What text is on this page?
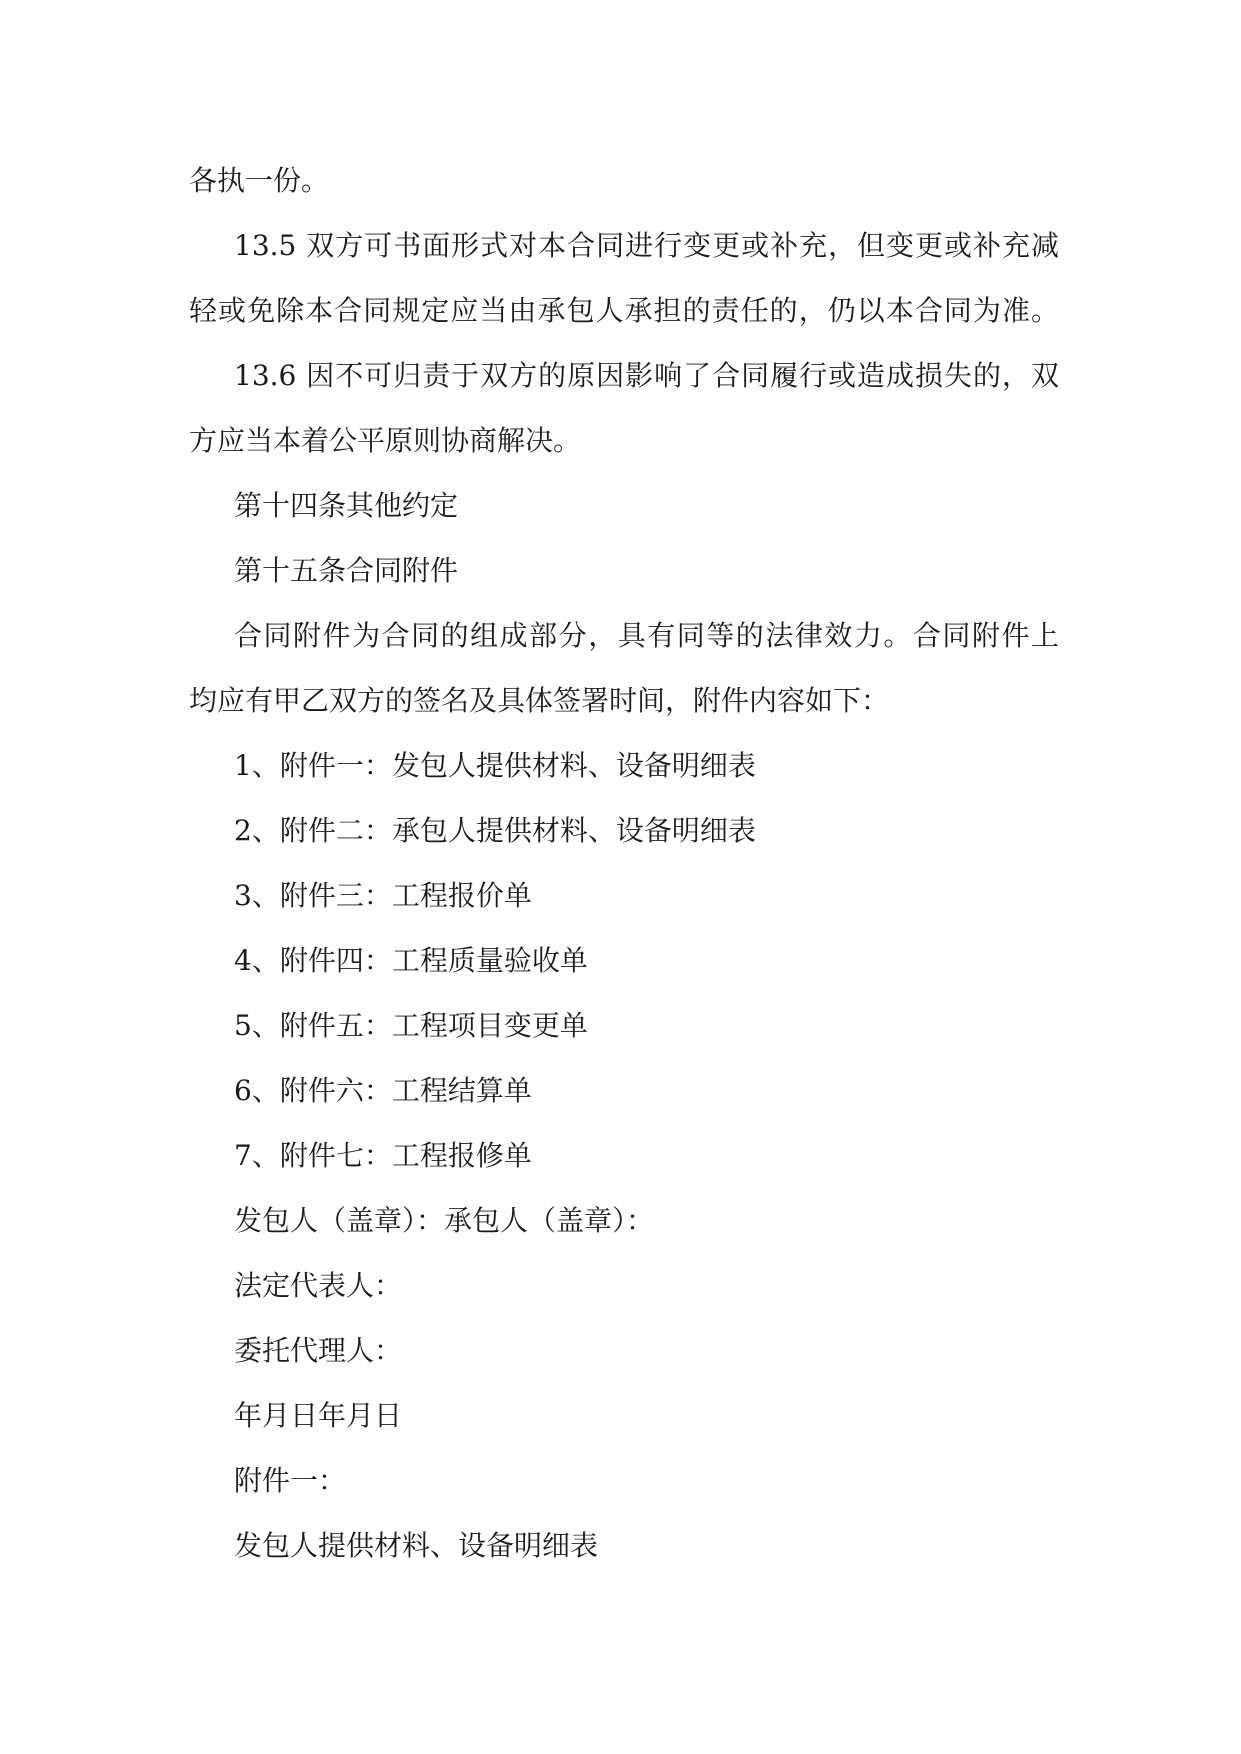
各执一份。
13.5 双方可书面形式对本合同进行变更或补充，但变更或补充减
轻或免除本合同规定应当由承包人承担的责任的，仍以本合同为准。
13.6 因不可归责于双方的原因影响了合同履行或造成损失的，双
方应当本着公平原则协商解决。
第十四条其他约定
第十五条合同附件
合同附件为合同的组成部分，具有同等的法律效力。合同附件上
均应有甲乙双方的签名及具体签署时间，附件内容如下：
1、附件一：发包人提供材料、设备明细表
2、附件二：承包人提供材料、设备明细表
3、附件三：工程报价单
4、附件四：工程质量验收单
5、附件五：工程项目变更单
6、附件六：工程结算单
7、附件七：工程报修单
发包人（盖章）：承包人（盖章）：
法定代表人：
委托代理人：
年月日年月日
附件一：
发包人提供材料、设备明细表
